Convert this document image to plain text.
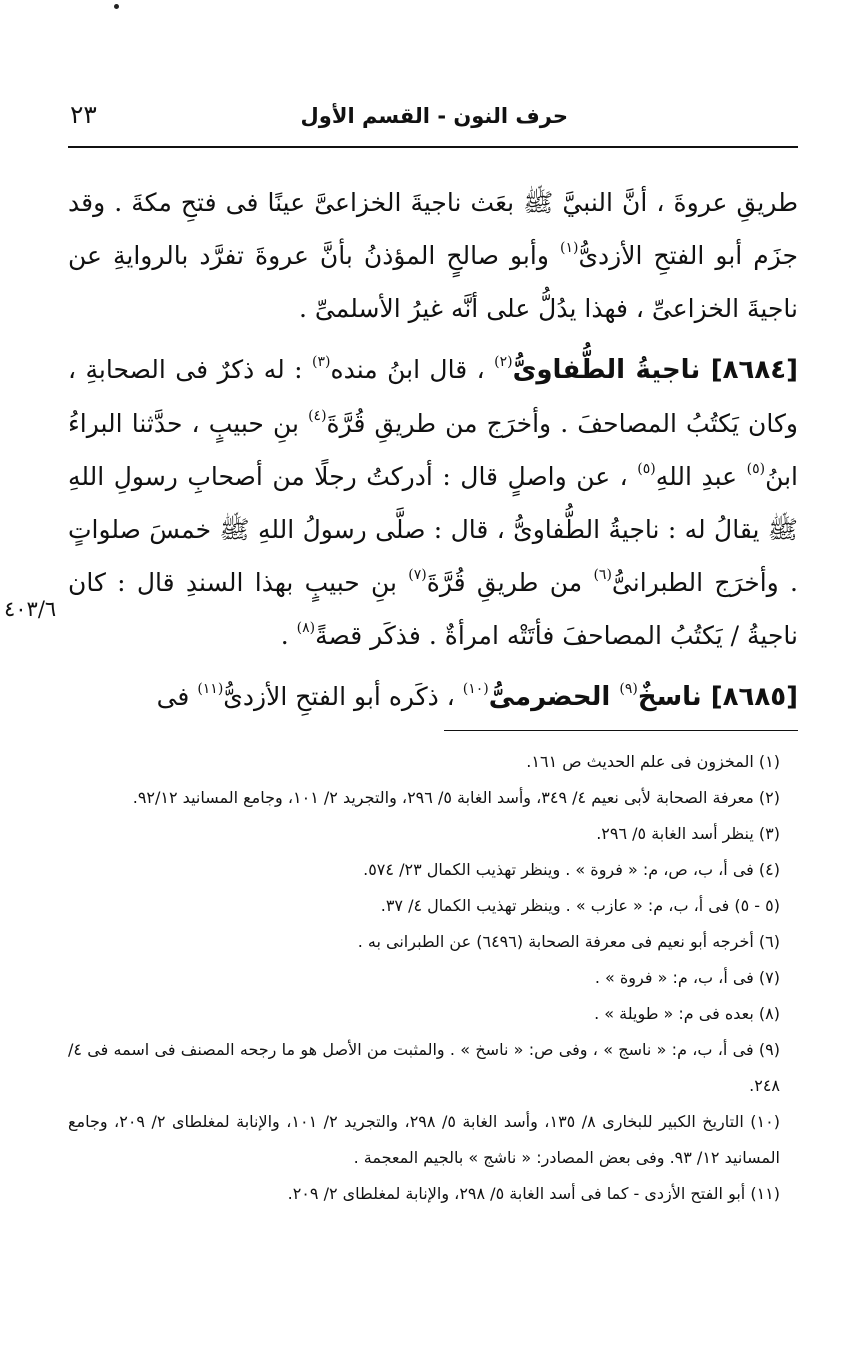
حرف النون - القسم الأول
٢٣

طريقِ عروةَ ، أنَّ النبيَّ ﷺ بعَث ناجيةَ الخزاعىَّ عينًا فى فتحِ مكةَ . وقد جزَم أبو الفتحِ الأزدىُّ$^{(١)}$ وأبو صالحٍ المؤذنُ بأنَّ عروةَ تفرَّد بالروايةِ عن ناجيةَ الخزاعىِّ ، فهذا يدُلُّ على أنَّه غيرُ الأسلمىِّ .

[٨٦٨٤] ناجيةُ الطُّفاوىُّ$^{(٢)}$ ، قال ابنُ منده$^{(٣)}$ : له ذكرٌ فى الصحابةِ ، وكان يَكتُبُ المصاحفَ . وأخرَج من طريقِ قُرَّةَ$^{(٤)}$ بنِ حبيبٍ ، حدَّثنا البراءُ ابنُ$^{(٥)}$ عبدِ اللهِ$^{(٥)}$ ، عن واصلٍ قال : أدركتُ رجلًا من أصحابِ رسولِ اللهِ ﷺ يقالُ له : ناجيةُ الطُّفاوىُّ ، قال : صلَّى رسولُ اللهِ ﷺ خمسَ صلواتٍ . وأخرَج الطبرانىُّ$^{(٦)}$ من طريقِ قُرَّةَ$^{(٧)}$ بنِ حبيبٍ بهذا السندِ قال : كان ناجيةُ / يَكتُبُ المصاحفَ فأتَتْه امرأةٌ . فذكَر قصةً$^{(٨)}$ .

[٨٦٨٥] ناسخٌ$^{(٩)}$ الحضرمىُّ$^{(١٠)}$ ، ذكَره أبو الفتحِ الأزدىُّ$^{(١١)}$ فى

٤٠٣/٦

(١) المخزون فى علم الحديث ص ١٦١.

(٢) معرفة الصحابة لأبى نعيم ٤/ ٣٤٩، وأسد الغابة ٥/ ٢٩٦، والتجريد ٢/ ١٠١، وجامع المسانيد ٩٢/١٢.

(٣) ينظر أسد الغابة ٥/ ٢٩٦.

(٤) فى أ، ب، ص، م: « فروة » . وينظر تهذيب الكمال ٢٣/ ٥٧٤.

(٥ - ٥) فى أ، ب، م: « عازب » . وينظر تهذيب الكمال ٤/ ٣٧.

(٦) أخرجه أبو نعيم فى معرفة الصحابة (٦٤٩٦) عن الطبرانى به .

(٧) فى أ، ب، م: « فروة » .

(٨) بعده فى م: « طويلة » .

(٩) فى أ، ب، م: « ناسج » ، وفى ص: « ناسخ » . والمثبت من الأصل هو ما رجحه المصنف فى اسمه فى ٤/ ٢٤٨.

(١٠) التاريخ الكبير للبخارى ٨/ ١٣٥، وأسد الغابة ٥/ ٢٩٨، والتجريد ٢/ ١٠١، والإنابة لمغلطاى ٢/ ٢٠٩، وجامع المسانيد ١٢/ ٩٣. وفى بعض المصادر: « ناشج » بالجيم المعجمة .

(١١) أبو الفتح الأزدى - كما فى أسد الغابة ٥/ ٢٩٨، والإنابة لمغلطاى ٢/ ٢٠٩.
